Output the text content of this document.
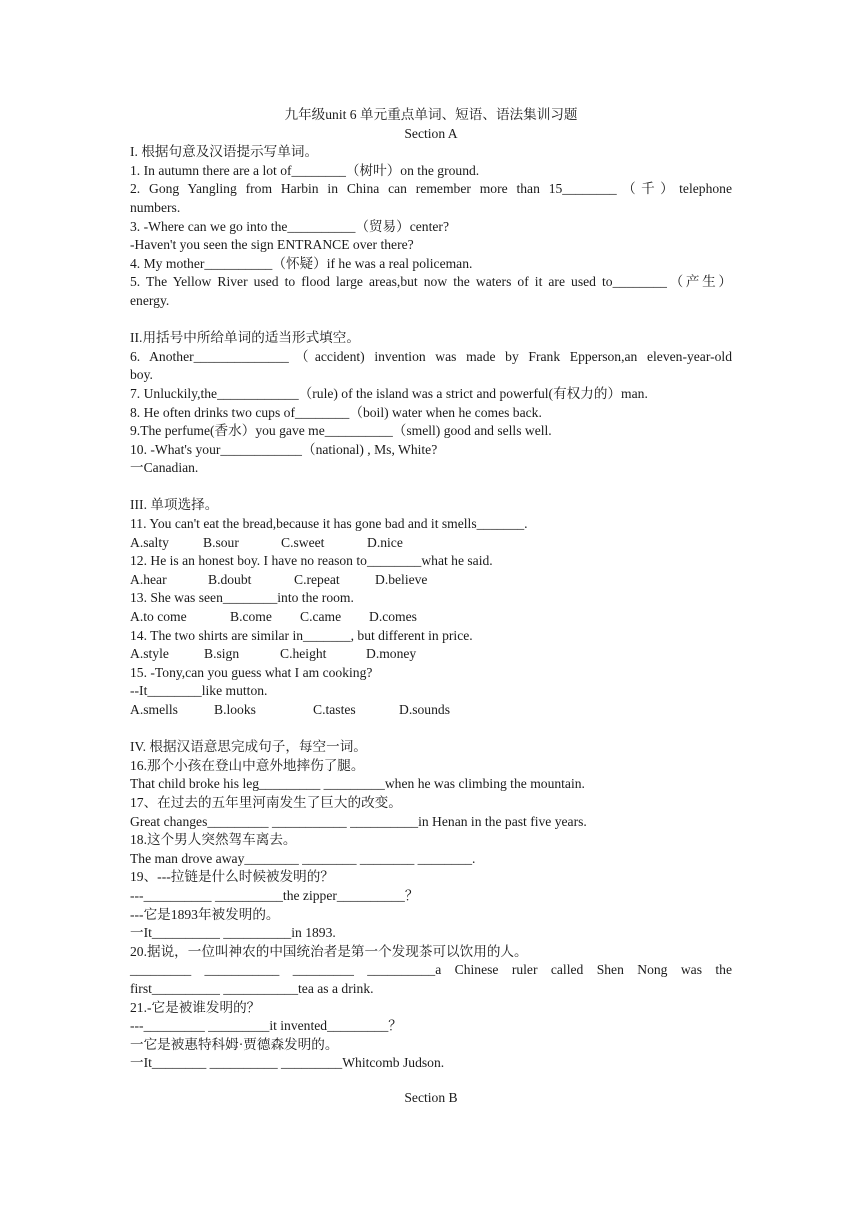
九年级unit 6 单元重点单词、短语、语法集训习题

Section A

I. 根据句意及汉语提示写单词。

1. In autumn there are a lot of________（树叶）on the ground.

2. Gong Yangling from Harbin in China can remember more than 15________（千）telephone

numbers.

3. -Where can we go into the__________（贸易）center?

-Haven't you seen the sign ENTRANCE over there?

4. My mother__________（怀疑）if he was a real policeman.

5. The Yellow River used to flood large areas,but now the waters of it are used to________（产生）

energy.

II.用括号中所给单词的适当形式填空。

6. Another______________（accident) invention was made by Frank Epperson,an eleven-year-old

boy.

7. Unluckily,the____________（rule) of the island was a strict and powerful(有权力的）man.

8. He often drinks two cups of________（boil) water when he comes back.

9.The perfume(香水）you gave me__________（smell) good and sells well.

10. -What's your____________（national) , Ms, White?

一Canadian.

III. 单项选择。

11. You can't eat the bread,because it has gone bad and it smells_______.

A.salty	B.sour	C.sweet	D.nice

12. He is an honest boy. I have no reason to________what he said.

A.hear	B.doubt	C.repeat	D.believe

13. She was seen________into the room.

A.to come	B.come C.came D.comes

14. The two shirts are similar in_______, but different in price.

A.style	B.sign	C.height	D.money

15. -Tony,can you guess what I am cooking?

--It________like mutton.

A.smells	B.looks	C.tastes	D.sounds

IV. 根据汉语意思完成句子，每空一词。

16.那个小孩在登山中意外地摔伤了腿。

That child broke his leg_________ _________when he was climbing the mountain.

17、在过去的五年里河南发生了巨大的改变。

Great changes_________ ___________ __________in Henan in the past five years.

18.这个男人突然驾车离去。

The man drove away________ ________ ________ ________.

19、---拉链是什么时候被发明的？

---__________ __________the zipper__________？

---它是1893年被发明的。

一It__________ __________in 1893.

20.据说，一位叫神农的中国统治者是第一个发现茶可以饮用的人。

_________ ___________ _________ __________a Chinese ruler called Shen Nong was the

first__________ ___________tea as a drink.

21.-它是被谁发明的？

---_________ _________it invented_________？

一它是被惠特科姆·贾德森发明的。

一It________ __________ _________Whitcomb Judson.

Section B
